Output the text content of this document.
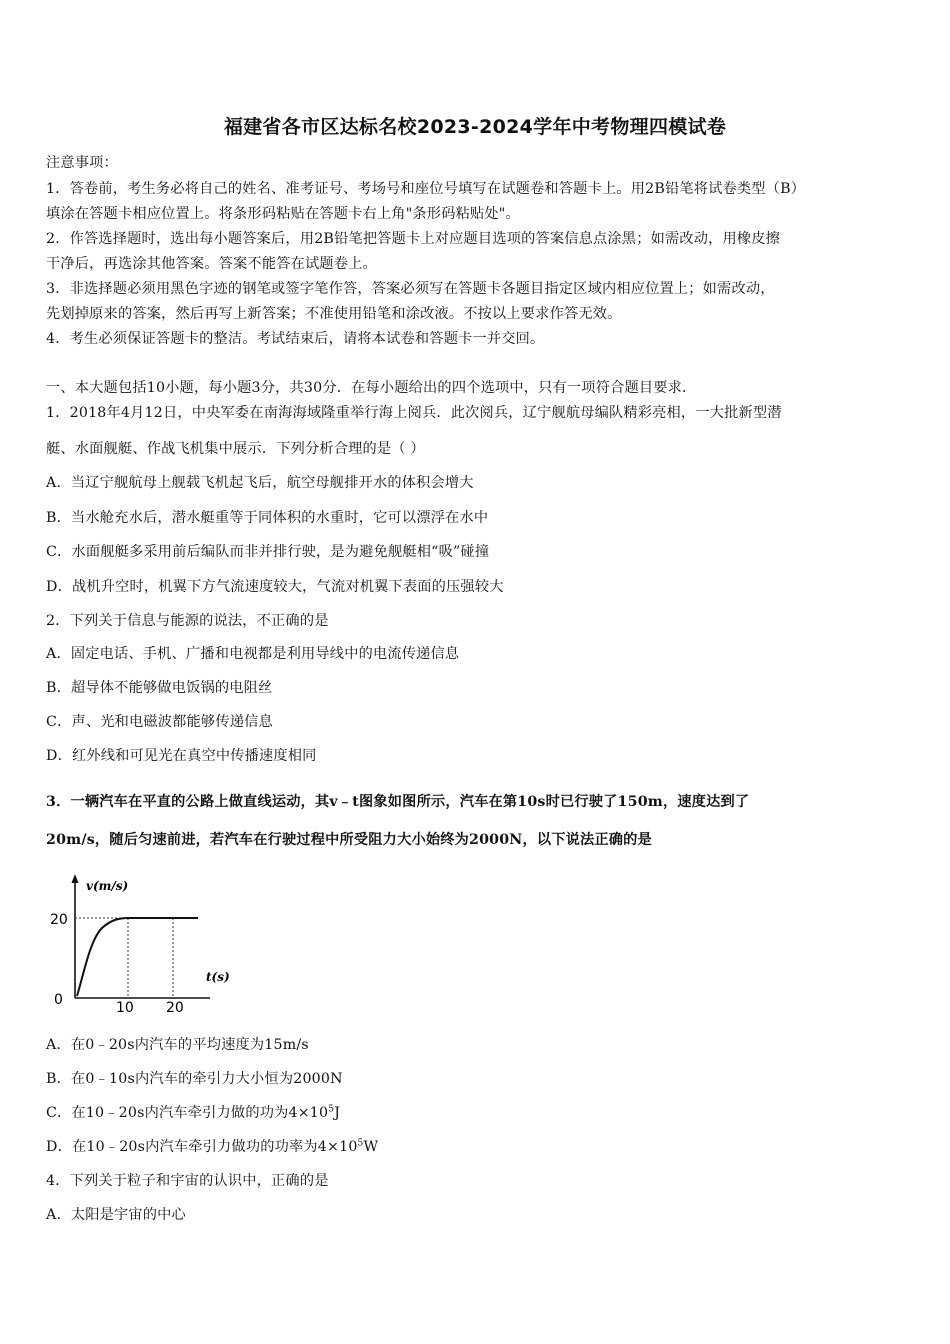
福建省各市区达标名校2023-2024学年中考物理四模试卷
注意事项：
1．答卷前，考生务必将自己的姓名、准考证号、考场号和座位号填写在试题卷和答题卡上。用2B铅笔将试卷类型（B）
填涂在答题卡相应位置上。将条形码粘贴在答题卡右上角"条形码粘贴处"。
2．作答选择题时，选出每小题答案后，用2B铅笔把答题卡上对应题目选项的答案信息点涂黑；如需改动，用橡皮擦
干净后，再选涂其他答案。答案不能答在试题卷上。
3．非选择题必须用黑色字迹的钢笔或签字笔作答，答案必须写在答题卡各题目指定区域内相应位置上；如需改动，
先划掉原来的答案，然后再写上新答案；不准使用铅笔和涂改液。不按以上要求作答无效。
4．考生必须保证答题卡的整洁。考试结束后，请将本试卷和答题卡一并交回。
一、本大题包括10小题，每小题3分，共30分．在每小题给出的四个选项中，只有一项符合题目要求．
1．2018年4月12日，中央军委在南海海域隆重举行海上阅兵．此次阅兵，辽宁舰航母编队精彩亮相，一大批新型潜
艇、水面舰艇、作战飞机集中展示．下列分析合理的是（ ）
A．当辽宁舰航母上舰载飞机起飞后，航空母舰排开水的体积会增大
B．当水舱充水后，潜水艇重等于同体积的水重时，它可以漂浮在水中
C．水面舰艇多采用前后编队而非并排行驶，是为避免舰艇相“吸”碰撞
D．战机升空时，机翼下方气流速度较大，气流对机翼下表面的压强较大
2．下列关于信息与能源的说法，不正确的是
A．固定电话、手机、广播和电视都是利用导线中的电流传递信息
B．超导体不能够做电饭锅的电阻丝
C．声、光和电磁波都能够传递信息
D．红外线和可见光在真空中传播速度相同
3．一辆汽车在平直的公路上做直线运动，其v﹣t图象如图所示，汽车在第10s时已行驶了150m，速度达到了
20m/s，随后匀速前进，若汽车在行驶过程中所受阻力大小始终为2000N，以下说法正确的是
v(m/s)
t(s)
20
0	10 20
A．在0﹣20s内汽车的平均速度为15m/s
B．在0﹣10s内汽车的牵引力大小恒为2000N
C．在10﹣20s内汽车牵引力做的功为$4\times 10^5J$
D．在10﹣20s内汽车牵引力做功的功率为$4\times 10^5W$
4．下列关于粒子和宇宙的认识中，正确的是
A．太阳是宇宙的中心
